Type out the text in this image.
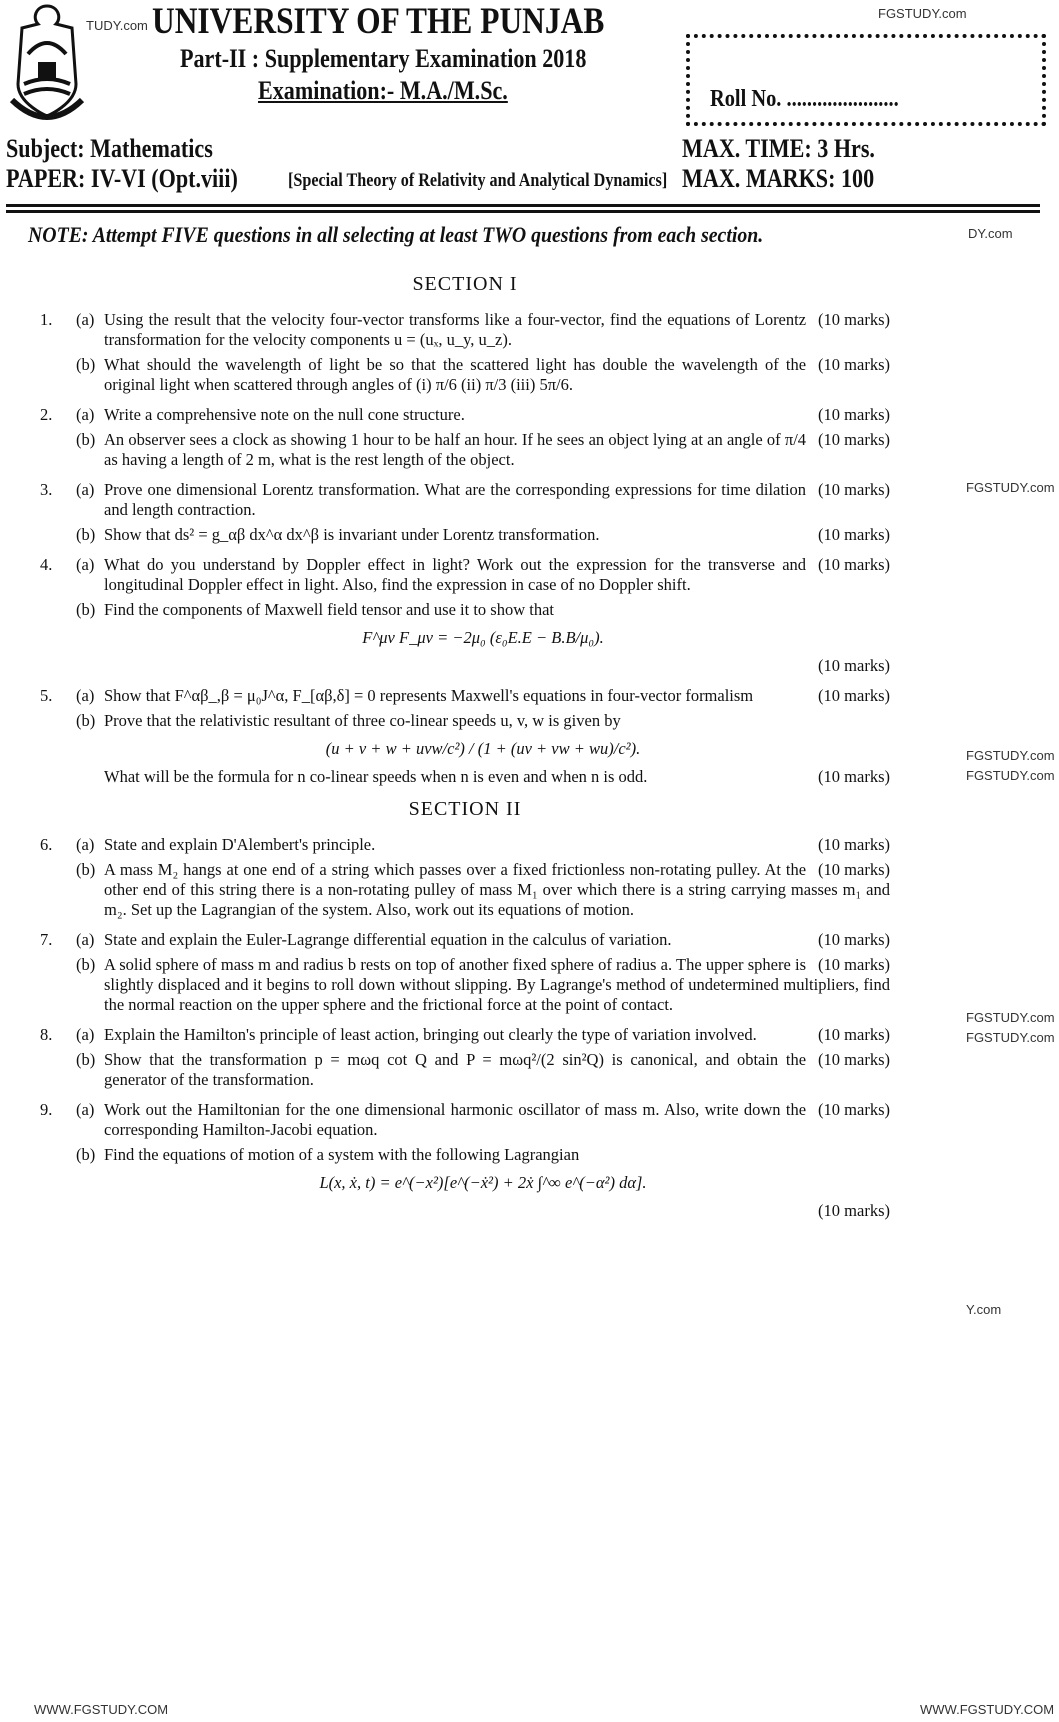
TUDY.com UNIVERSITY OF THE PUNJAB	FGSTUDY.com
Part-II : Supplementary Examination 2018
Examination:- M.A./M.Sc.	Roll No. ......................
Subject: Mathematics	MAX. TIME: 3 Hrs.
PAPER: IV-VI (Opt.viii)	[Special Theory of Relativity and Analytical Dynamics] MAX. MARKS: 100
NOTE: Attempt FIVE questions in all selecting at least TWO questions from each section.	DY.com
SECTION I
1. (a)	(10 marks)
Using the result that the velocity four-vector transforms like a four-vector, find the equations of Lorentz transformation for the velocity components u = (uₓ, u_y, u_z).
(b)	(10 marks)
What should the wavelength of light be so that the scattered light has double the wavelength of the original light when scattered through angles of (i) π/6 (ii) π/3 (iii) 5π/6.
2. (a)	(10 marks)
Write a comprehensive note on the null cone structure.
(b)	(10 marks)
An observer sees a clock as showing 1 hour to be half an hour. If he sees an object lying at an angle of π/4 as having a length of 2 m, what is the rest length of the object.
3. (a)	(10 marks)
Prove one dimensional Lorentz transformation. What are the corresponding expressions for time dilation and length contraction.
(b)	(10 marks)
Show that ds² = g_αβ dx^α dx^β is invariant under Lorentz transformation.
4. (a)	(10 marks)
What do you understand by Doppler effect in light? Work out the expression for the transverse and longitudinal Doppler effect in light. Also, find the expression in case of no Doppler shift.
(b) Find the components of Maxwell field tensor and use it to show that
F^μν F_μν = −2μ₀ (ε₀E.E − B.B/μ₀).
(10 marks)

5. (a)	(10 marks)
Show that F^αβ_,β = μ₀J^α, F_[αβ,δ] = 0 represents Maxwell's equations in four-vector formalism
(b) Prove that the relativistic resultant of three co-linear speeds u, v, w is given by
(u + v + w + uvw/c²) / (1 + (uv + vw + wu)/c²).
(10 marks)
What will be the formula for n co-linear speeds when n is even and when n is odd.
SECTION II
6. (a)	(10 marks)
State and explain D'Alembert's principle.
(b)	(10 marks)
A mass M₂ hangs at one end of a string which passes over a fixed frictionless non-rotating pulley. At the other end of this string there is a non-rotating pulley of mass M₁ over which there is a string carrying masses m₁ and m₂. Set up the Lagrangian of the system. Also, work out its equations of motion.
7. (a)	(10 marks)
State and explain the Euler-Lagrange differential equation in the calculus of variation.
(b)	(10 marks)
A solid sphere of mass m and radius b rests on top of another fixed sphere of radius a. The upper sphere is slightly displaced and it begins to roll down without slipping. By Lagrange's method of undetermined multipliers, find the normal reaction on the upper sphere and the frictional force at the point of contact.
8. (a)	(10 marks)
Explain the Hamilton's principle of least action, bringing out clearly the type of variation involved.
(b)	(10 marks)
Show that the transformation p = mωq cot Q and P = mωq²/(2 sin²Q) is canonical, and obtain the generator of the transformation.
9. (a)	(10 marks)
Work out the Hamiltonian for the one dimensional harmonic oscillator of mass m. Also, write down the corresponding Hamilton-Jacobi equation.
(b) Find the equations of motion of a system with the following Lagrangian
L(x, ẋ, t) = e^(−x²)[e^(−ẋ²) + 2ẋ ∫^∞ e^(−α²) dα].
(10 marks)

FGSTUDY.com
FGSTUDY.com
FGSTUDY.com
FGSTUDY.com
FGSTUDY.com
Y.com
WWW.FGSTUDY.COM	WWW.FGSTUDY.COM
